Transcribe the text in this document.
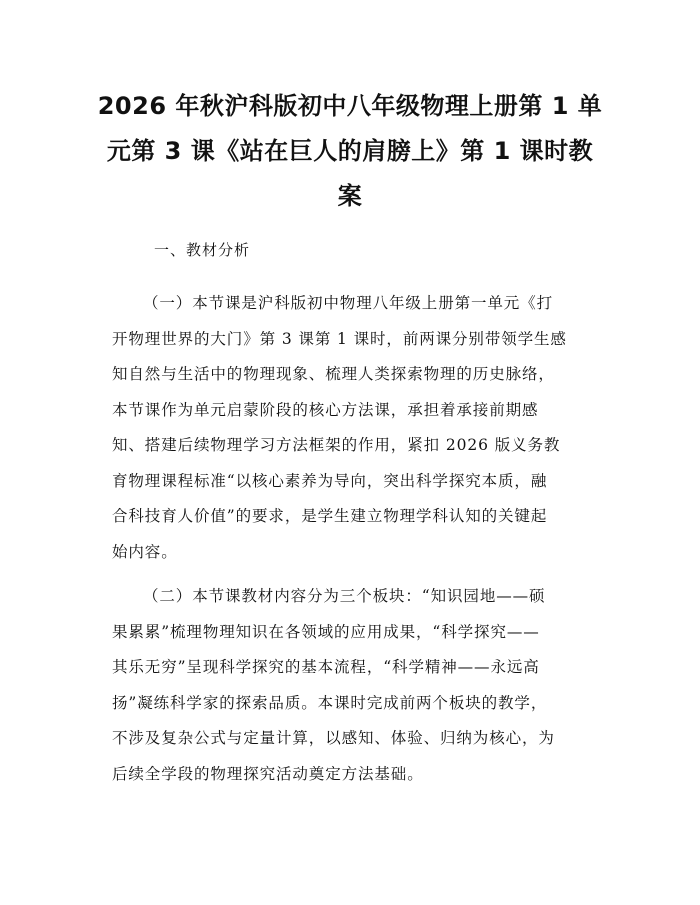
2026 年秋沪科版初中八年级物理上册第 1 单
元第 3 课《站在巨人的肩膀上》第 1 课时教
案
一、教材分析

（一）本节课是沪科版初中物理八年级上册第一单元《打
开物理世界的大门》第 3 课第 1 课时，前两课分别带领学生感
知自然与生活中的物理现象、梳理人类探索物理的历史脉络，
本节课作为单元启蒙阶段的核心方法课，承担着承接前期感
知、搭建后续物理学习方法框架的作用，紧扣 2026 版义务教
育物理课程标准“以核心素养为导向，突出科学探究本质，融
合科技育人价值”的要求，是学生建立物理学科认知的关键起
始内容。

（二）本节课教材内容分为三个板块：“知识园地——硕
果累累”梳理物理知识在各领域的应用成果，“科学探究——
其乐无穷”呈现科学探究的基本流程，“科学精神——永远高
扬”凝练科学家的探索品质。本课时完成前两个板块的教学，
不涉及复杂公式与定量计算，以感知、体验、归纳为核心，为
后续全学段的物理探究活动奠定方法基础。
